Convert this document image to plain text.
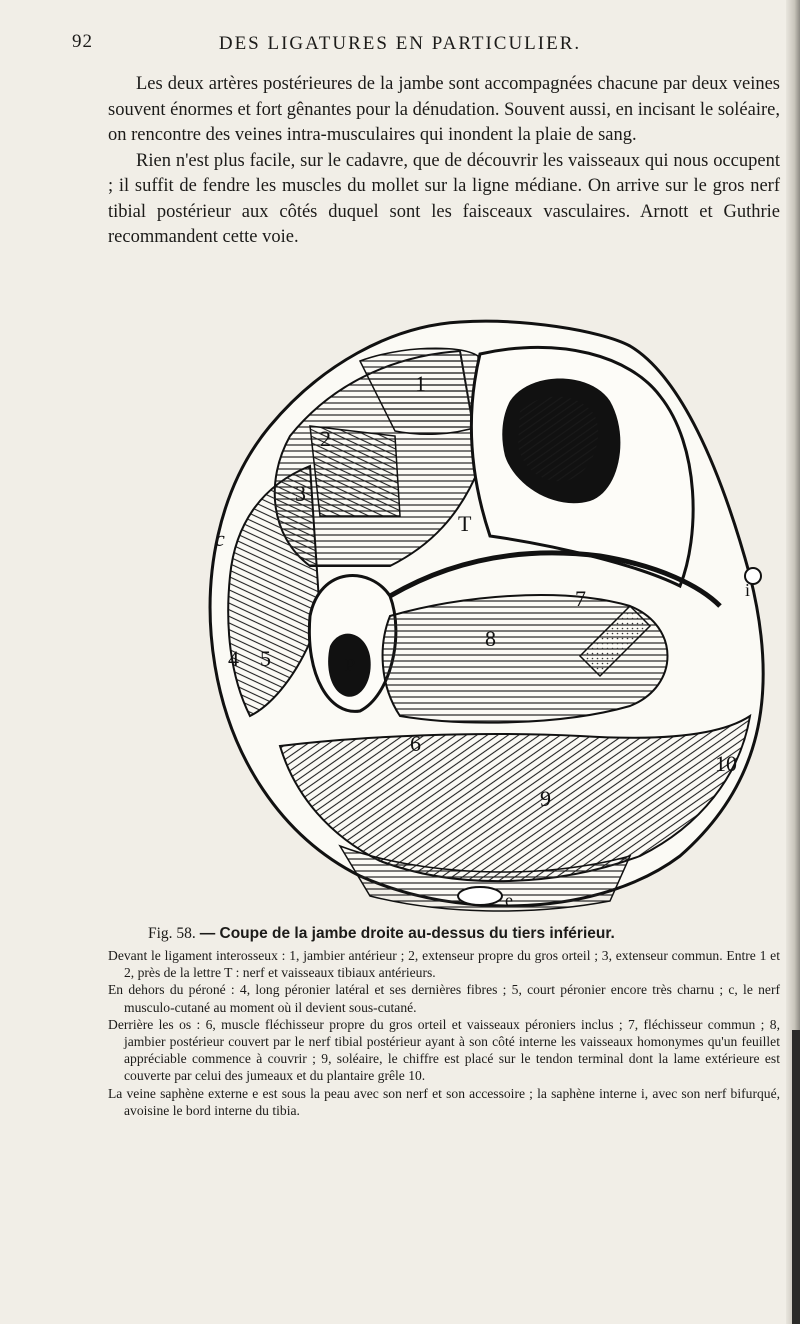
92	DES LIGATURES EN PARTICULIER.

Les deux artères postérieures de la jambe sont accompagnées chacune par deux veines souvent énormes et fort gênantes pour la dénudation. Souvent aussi, en incisant le soléaire, on rencontre des veines intra-musculaires qui inondent la plaie de sang.

Rien n'est plus facile, sur le cadavre, que de découvrir les vaisseaux qui nous occupent ; il suffit de fendre les muscles du mollet sur la ligne médiane. On arrive sur le gros nerf tibial postérieur aux côtés duquel sont les faisceaux vasculaires. Arnott et Guthrie recommandent cette voie.

1
2
3
4 5
6
7
8
9
10
c
T
P
i
e

Fig. 58. — Coupe de la jambe droite au-dessus du tiers inférieur.

Devant le ligament interosseux : 1, jambier antérieur ; 2, extenseur propre du gros orteil ; 3, extenseur commun. Entre 1 et 2, près de la lettre T : nerf et vaisseaux tibiaux antérieurs.

En dehors du péroné : 4, long péronier latéral et ses dernières fibres ; 5, court péronier encore très charnu ; c, le nerf musculo-cutané au moment où il devient sous-cutané.

Derrière les os : 6, muscle fléchisseur propre du gros orteil et vaisseaux péroniers inclus ; 7, fléchisseur commun ; 8, jambier postérieur couvert par le nerf tibial postérieur ayant à son côté interne les vaisseaux homonymes qu'un feuillet appréciable commence à couvrir ; 9, soléaire, le chiffre est placé sur le tendon terminal dont la lame extérieure est couverte par celui des jumeaux et du plantaire grêle 10.

La veine saphène externe e est sous la peau avec son nerf et son accessoire ; la saphène interne i, avec son nerf bifurqué, avoisine le bord interne du tibia.
